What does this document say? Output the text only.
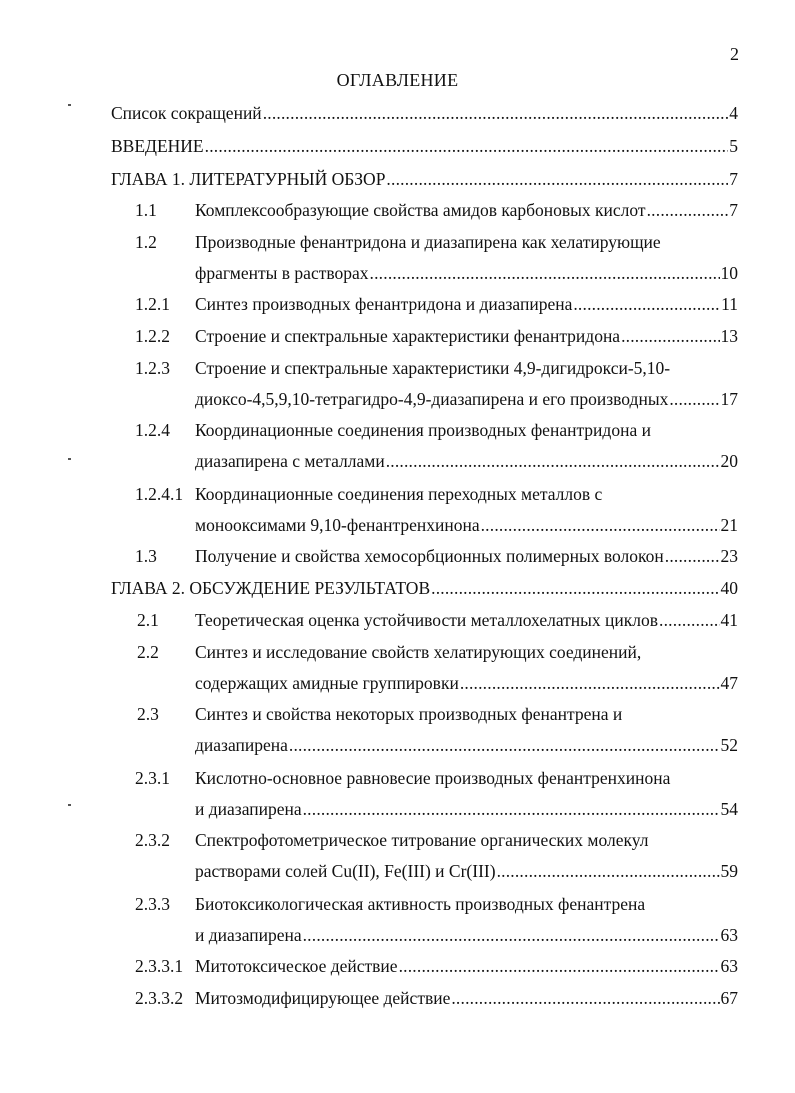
2
ОГЛАВЛЕНИЕ
Список сокращений .....	4
ВВЕДЕНИЕ .....	5
ГЛАВА 1. ЛИТЕРАТУРНЫЙ ОБЗОР .....	7
1.1 Комплексообразующие свойства амидов карбоновых кислот .....	7
1.2 Производные фенантридона и диазапирена как хелатирующие
фрагменты в растворах .....	10
1.2.1 Синтез производных фенантридона и диазапирена .....	11
1.2.2 Строение и спектральные характеристики фенантридона .....	13
1.2.3 Строение и спектральные характеристики 4,9-дигидрокси-5,10-
диоксо-4,5,9,10-тетрагидро-4,9-диазапирена и его производных .....	17
1.2.4 Координационные соединения производных фенантридона и
диазапирена с металлами .....	20
1.2.4.1 Координационные соединения переходных металлов с
монооксимами 9,10-фенантренхинона .....	21
1.3 Получение и свойства хемосорбционных полимерных волокон .....	23
ГЛАВА 2. ОБСУЖДЕНИЕ РЕЗУЛЬТАТОВ .....	40
2.1 Теоретическая оценка устойчивости металлохелатных циклов .....	41
2.2 Синтез и исследование свойств хелатирующих соединений,
содержащих амидные группировки .....	47
2.3 Синтез и свойства некоторых производных фенантрена и
диазапирена .....	52
2.3.1 Кислотно-основное равновесие производных фенантренхинона
и диазапирена .....	54
2.3.2 Спектрофотометрическое титрование органических молекул
растворами солей Cu(II), Fe(III) и Cr(III) .....	59
2.3.3 Биотоксикологическая активность производных фенантрена
и диазапирена .....	63
2.3.3.1 Митотоксическое действие .....	63
2.3.3.2 Митозмодифицирующее действие .....	67
